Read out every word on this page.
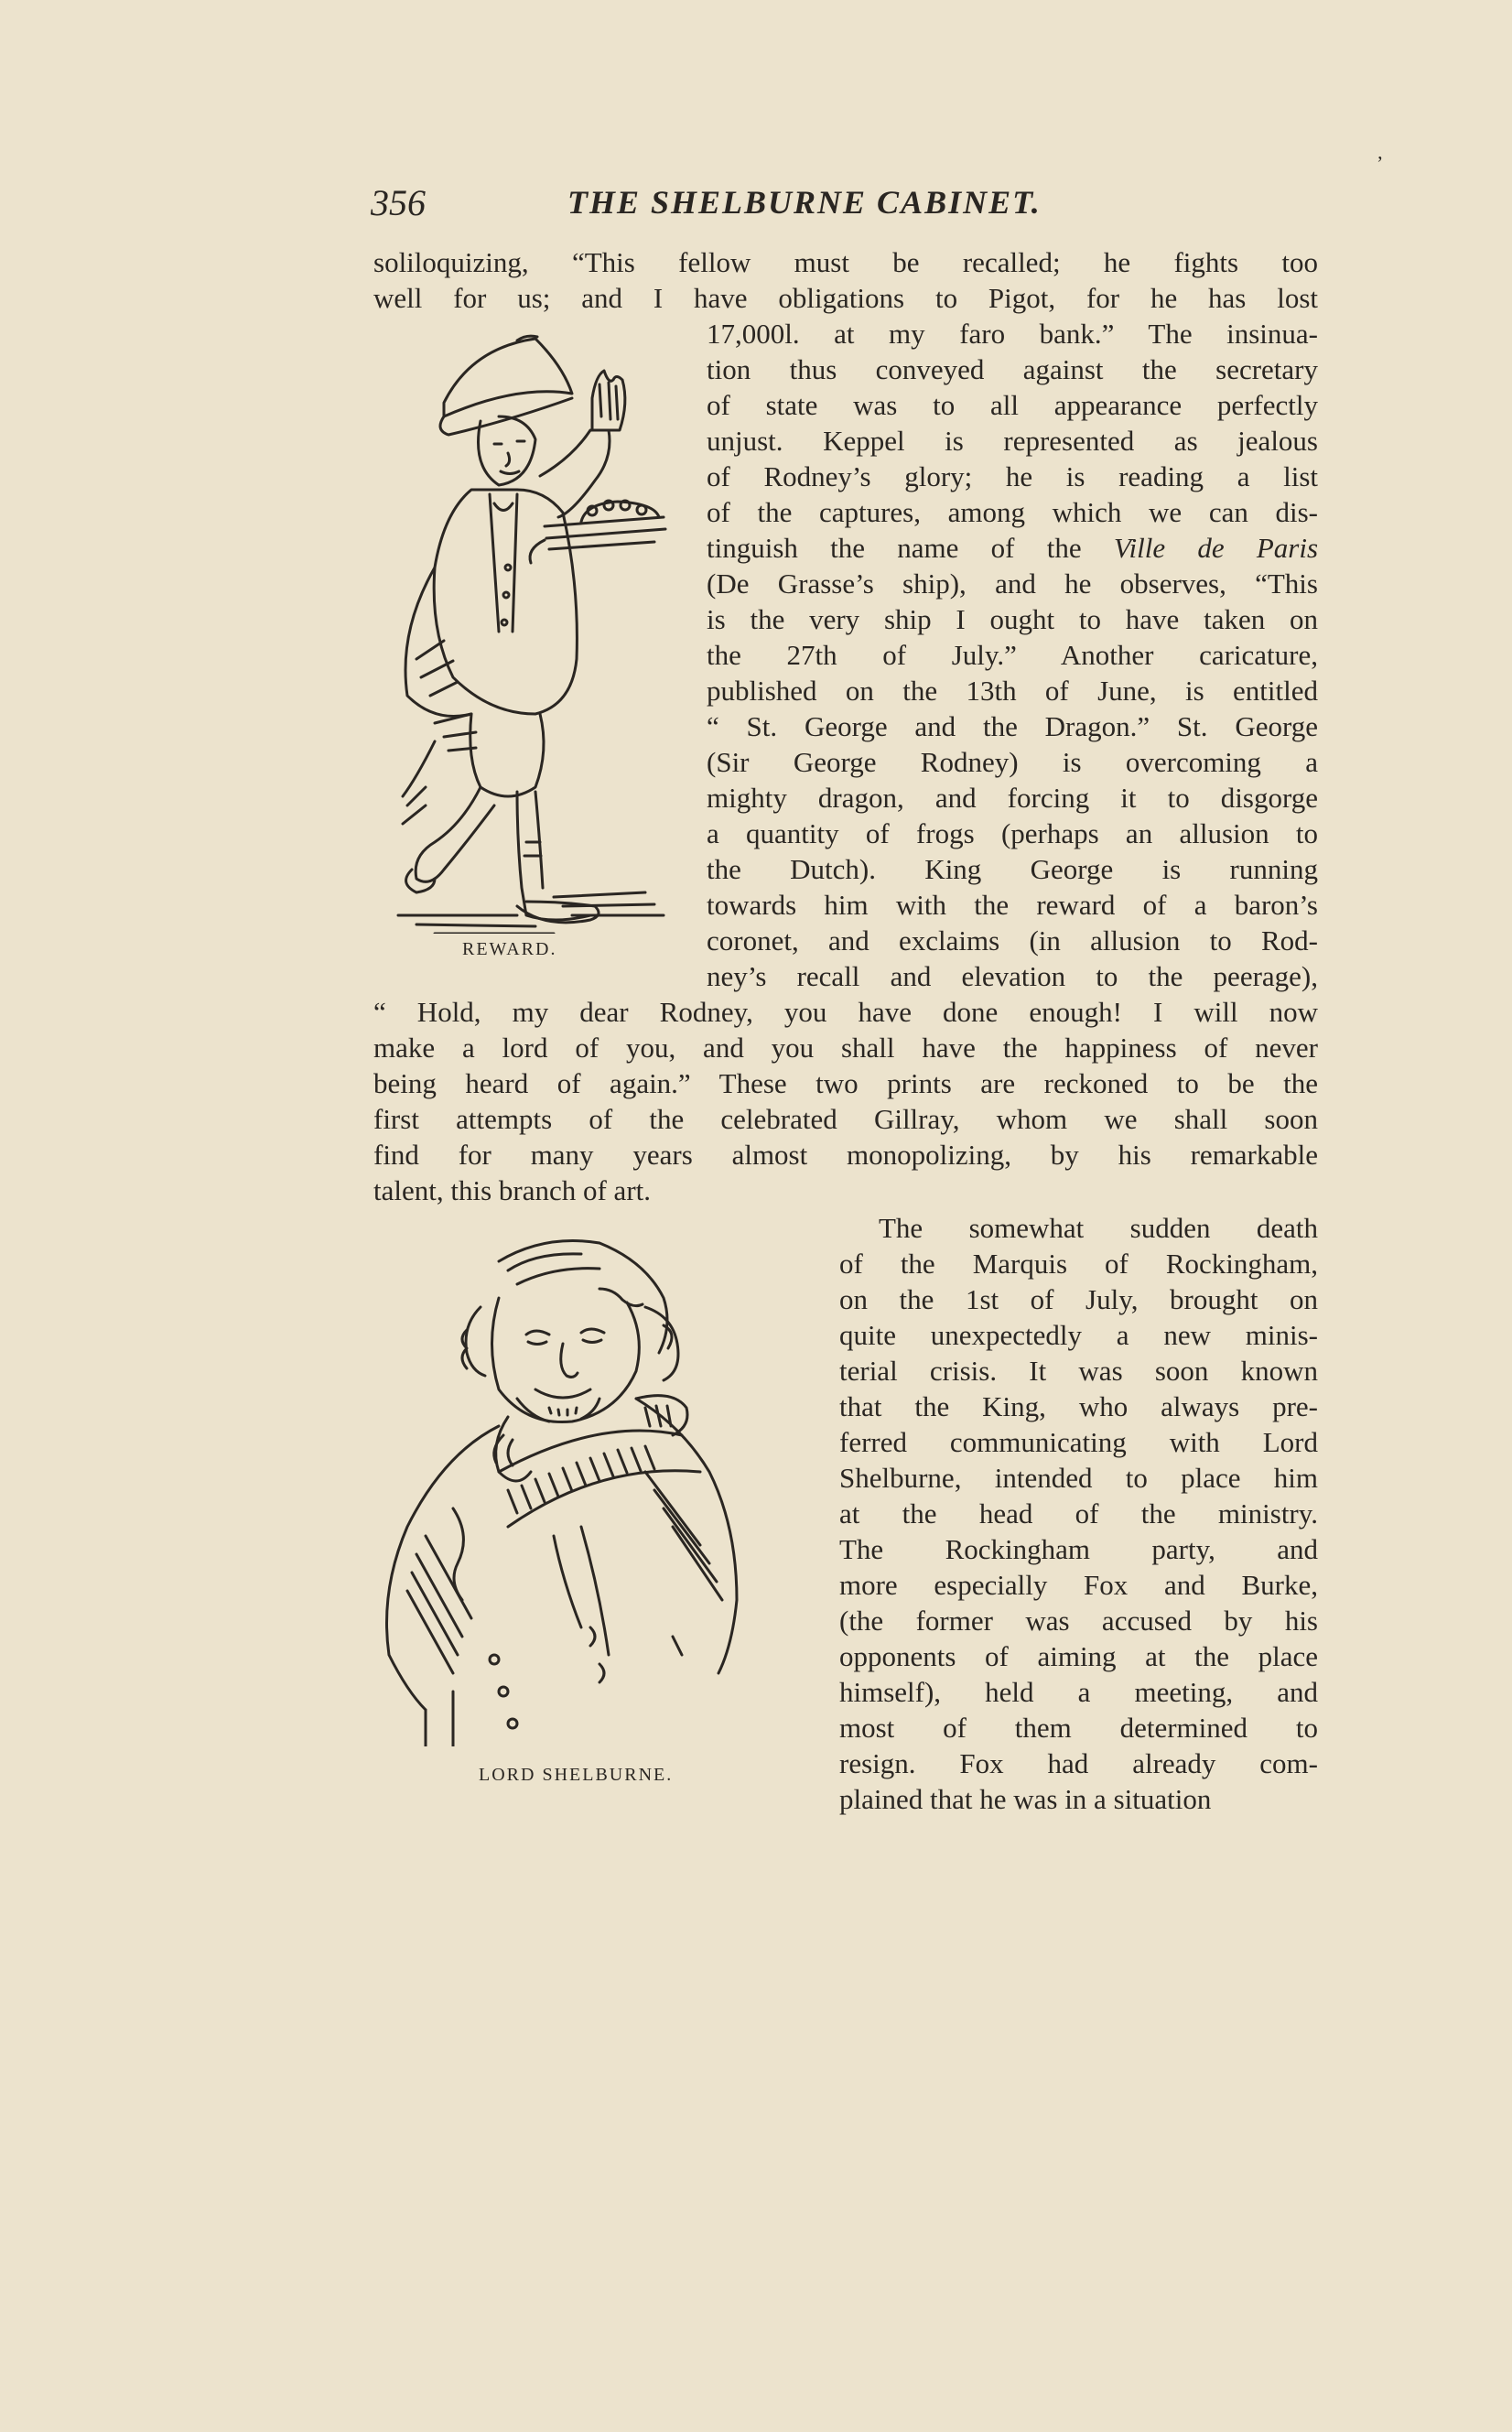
ʼ
356	THE SHELBURNE CABINET.
soliloquizing, “This fellow must be recalled; he fights too
well for us; and I have obligations to Pigot, for he has lost
17,000l. at my faro bank.” The insinua-
tion thus conveyed against the secretary
of state was to all appearance perfectly
unjust. Keppel is represented as jealous
of Rodney’s glory; he is reading a list
of the captures, among which we can dis-
tinguish the name of the Ville de Paris
(De Grasse’s ship), and he observes, “This
is the very ship I ought to have taken on
the 27th of July.” Another caricature,
published on the 13th of June, is entitled
“ St. George and the Dragon.” St. George
(Sir George Rodney) is overcoming a
mighty dragon, and forcing it to disgorge
a quantity of frogs (perhaps an allusion to
the Dutch). King George is running
towards him with the reward of a baron’s
coronet, and exclaims (in allusion to Rod-
ney’s recall and elevation to the peerage),
“ Hold, my dear Rodney, you have done enough! I will now
make a lord of you, and you shall have the happiness of never
being heard of again.” These two prints are reckoned to be the
first attempts of the celebrated Gillray, whom we shall soon
find for many years almost monopolizing, by his remarkable
talent, this branch of art.
The somewhat sudden death
of the Marquis of Rockingham,
on the 1st of July, brought on
quite unexpectedly a new minis-
terial crisis. It was soon known
that the King, who always pre-
ferred communicating with Lord
Shelburne, intended to place him
at the head of the ministry.
The Rockingham party, and
more especially Fox and Burke,
(the former was accused by his
opponents of aiming at the place
himself), held a meeting, and
most of them determined to
resign. Fox had already com-
plained that he was in a situation
REWARD.
LORD SHELBURNE.
